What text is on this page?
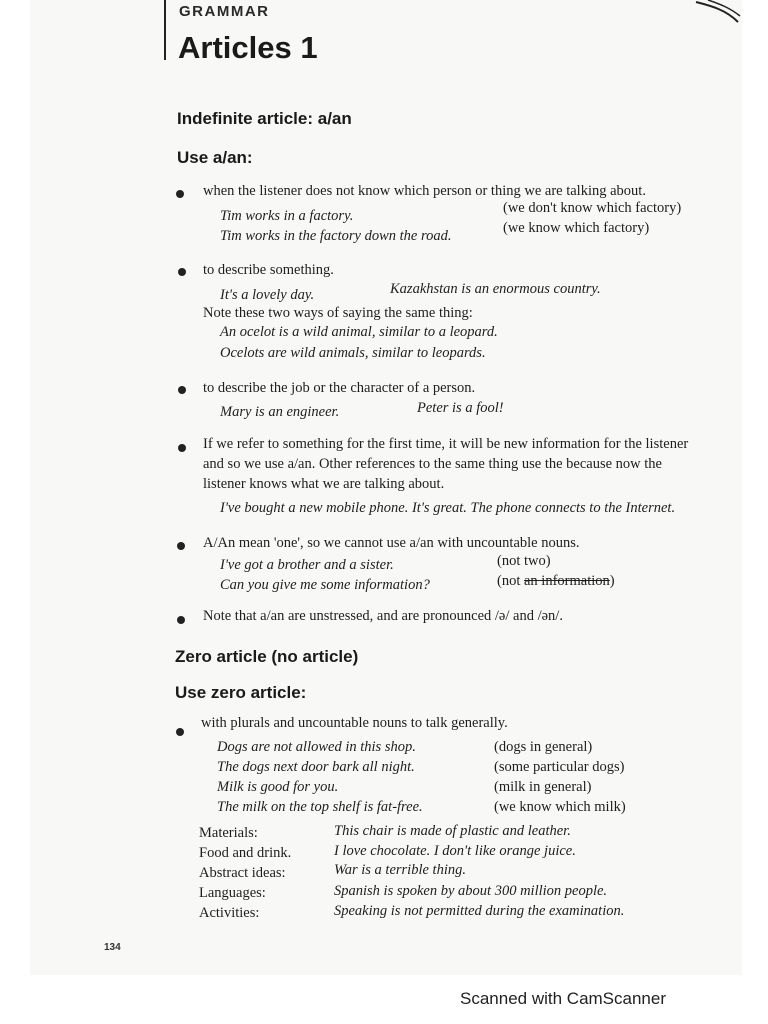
GRAMMAR
Articles 1
Indefinite article: a/an
Use a/an:
when the listener does not know which person or thing we are talking about.
Tim works in a factory.	(we don't know which factory)
Tim works in the factory down the road.	(we know which factory)
to describe something.
It's a lovely day.	Kazakhstan is an enormous country.
Note these two ways of saying the same thing:
An ocelot is a wild animal, similar to a leopard.
Ocelots are wild animals, similar to leopards.
to describe the job or the character of a person.
Mary is an engineer.	Peter is a fool!
If we refer to something for the first time, it will be new information for the listener
and so we use a/an. Other references to the same thing use the because now the
listener knows what we are talking about.
I've bought a new mobile phone. It's great. The phone connects to the Internet.
A/An mean 'one', so we cannot use a/an with uncountable nouns.
I've got a brother and a sister.	(not two)
Can you give me some information?	(not an information)
Note that a/an are unstressed, and are pronounced /ə/ and /ən/.
Zero article (no article)
Use zero article:
with plurals and uncountable nouns to talk generally.
Dogs are not allowed in this shop.	(dogs in general)
The dogs next door bark all night.	(some particular dogs)
Milk is good for you.	(milk in general)
The milk on the top shelf is fat-free.	(we know which milk)
Materials:	This chair is made of plastic and leather.
Food and drink.	I love chocolate. I don't like orange juice.
Abstract ideas:	War is a terrible thing.
Languages:	Spanish is spoken by about 300 million people.
Activities:	Speaking is not permitted during the examination.
134
Scanned with CamScanner
